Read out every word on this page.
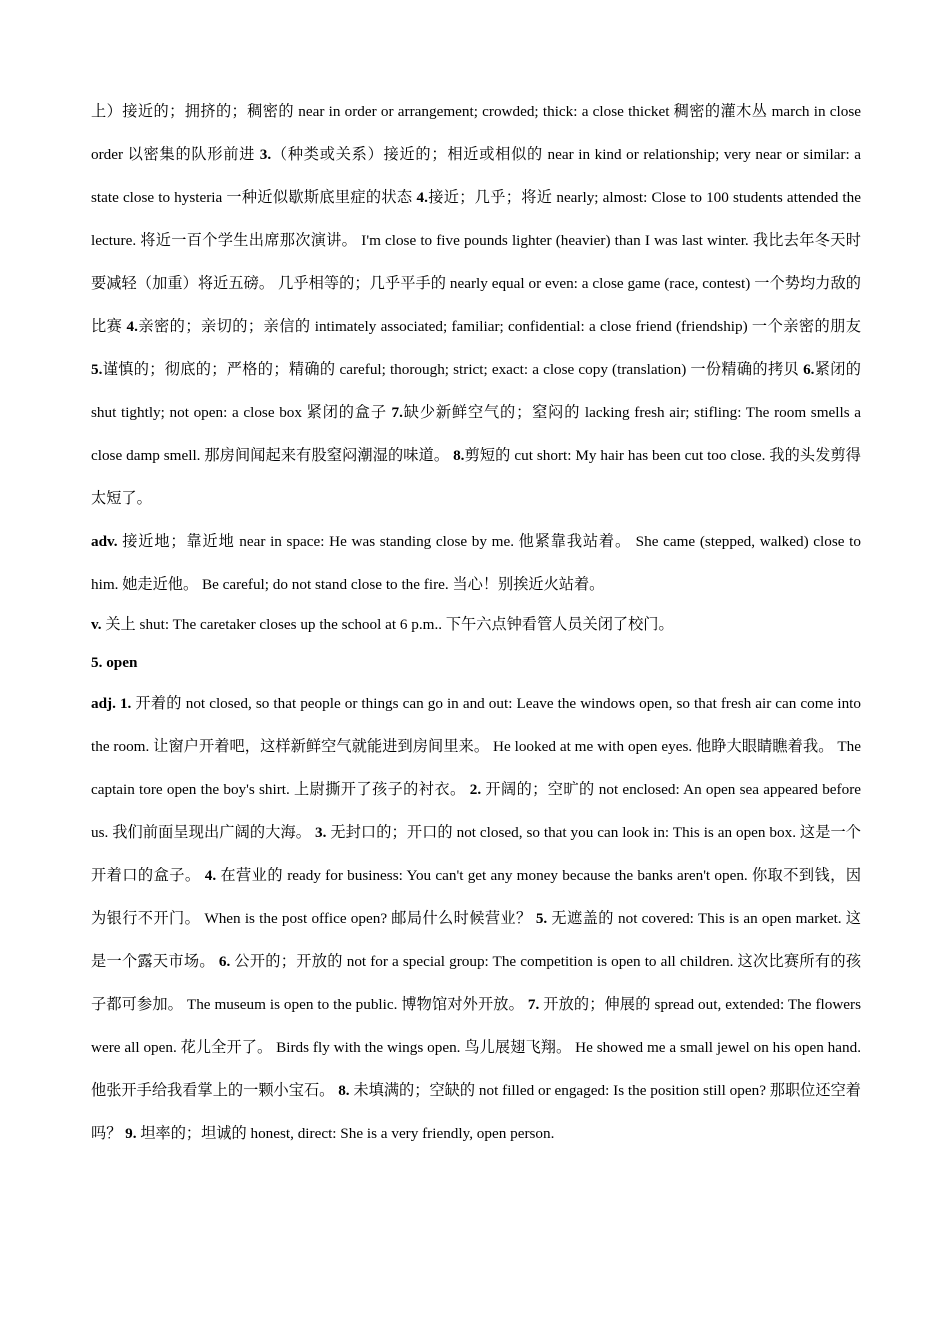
上）接近的；拥挤的；稠密的 near in order or arrangement; crowded; thick: a close thicket 稠密的灌木丛 march in close order 以密集的队形前进 3.（种类或关系）接近的；相近或相似的 near in kind or relationship; very near or similar: a state close to hysteria 一种近似歇斯底里症的状态 4.接近；几乎；将近 nearly; almost: Close to 100 students attended the lecture. 将近一百个学生出席那次演讲。 I'm close to five pounds lighter (heavier) than I was last winter. 我比去年冬天时要减轻（加重）将近五磅。 几乎相等的；几乎平手的 nearly equal or even: a close game (race, contest) 一个势均力敌的比赛 4.亲密的；亲切的；亲信的 intimately associated; familiar; confidential: a close friend (friendship) 一个亲密的朋友 5.谨慎的；彻底的；严格的；精确的 careful; thorough; strict; exact: a close copy (translation) 一份精确的拷贝 6.紧闭的 shut tightly; not open: a close box 紧闭的盒子 7.缺少新鲜空气的；窒闷的 lacking fresh air; stifling: The room smells a close damp smell. 那房间闻起来有股窒闷潮湿的味道。 8.剪短的 cut short: My hair has been cut too close. 我的头发剪得太短了。

adv. 接近地；靠近地 near in space: He was standing close by me. 他紧靠我站着。 She came (stepped, walked) close to him. 她走近他。 Be careful; do not stand close to the fire. 当心！别挨近火站着。

v. 关上 shut: The caretaker closes up the school at 6 p.m.. 下午六点钟看管人员关闭了校门。

5. open

adj. 1. 开着的 not closed, so that people or things can go in and out: Leave the windows open, so that fresh air can come into the room. 让窗户开着吧，这样新鲜空气就能进到房间里来。 He looked at me with open eyes. 他睁大眼睛瞧着我。 The captain tore open the boy's shirt. 上尉撕开了孩子的衬衣。 2. 开阔的；空旷的 not enclosed: An open sea appeared before us. 我们前面呈现出广阔的大海。 3. 无封口的；开口的 not closed, so that you can look in: This is an open box. 这是一个开着口的盒子。 4. 在营业的 ready for business: You can't get any money because the banks aren't open. 你取不到钱，因为银行不开门。 When is the post office open? 邮局什么时候营业？ 5. 无遮盖的 not covered: This is an open market. 这是一个露天市场。 6. 公开的；开放的 not for a special group: The competition is open to all children. 这次比赛所有的孩子都可参加。 The museum is open to the public. 博物馆对外开放。 7. 开放的；伸展的 spread out, extended: The flowers were all open. 花儿全开了。 Birds fly with the wings open. 鸟儿展翅飞翔。 He showed me a small jewel on his open hand. 他张开手给我看掌上的一颗小宝石。 8. 未填满的；空缺的 not filled or engaged: Is the position still open? 那职位还空着吗？ 9. 坦率的；坦诚的 honest, direct: She is a very friendly, open person.
